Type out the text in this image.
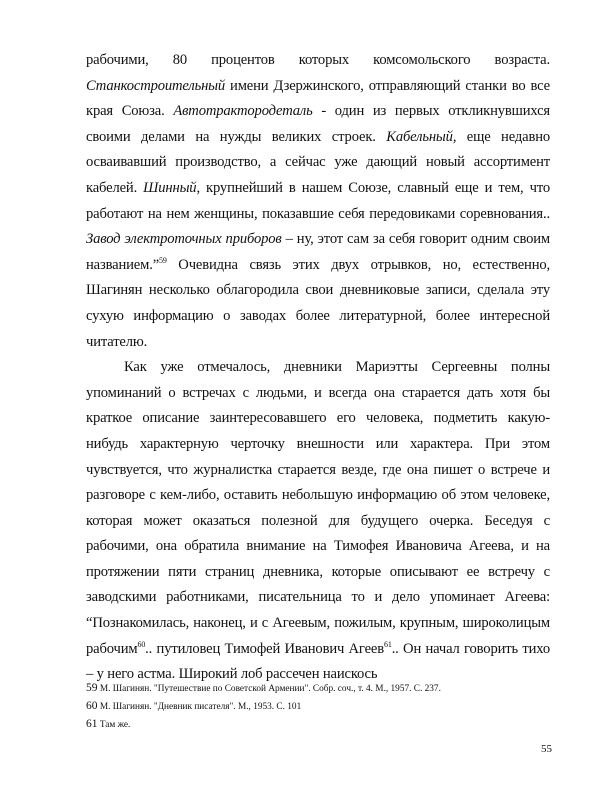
рабочими, 80 процентов которых комсомольского возраста. Станкостроительный имени Дзержинского, отправляющий станки во все края Союза. Автотрактородеталь - один из первых откликнувшихся своими делами на нужды великих строек. Кабельный, еще недавно осваивавший производство, а сейчас уже дающий новый ассортимент кабелей. Шинный, крупнейший в нашем Союзе, славный еще и тем, что работают на нем женщины, показавшие себя передовиками соревнования.. Завод электроточных приборов – ну, этот сам за себя говорит одним своим названием.”$^{59}$ Очевидна связь этих двух отрывков, но, естественно, Шагинян несколько облагородила свои дневниковые записи, сделала эту сухую информацию о заводах более литературной, более интересной читателю.

Как уже отмечалось, дневники Мариэтты Сергеевны полны упоминаний о встречах с людьми, и всегда она старается дать хотя бы краткое описание заинтересовавшего его человека, подметить какую-нибудь характерную черточку внешности или характера. При этом чувствуется, что журналистка старается везде, где она пишет о встрече и разговоре с кем-либо, оставить небольшую информацию об этом человеке, которая может оказаться полезной для будущего очерка. Беседуя с рабочими, она обратила внимание на Тимофея Ивановича Агеева, и на протяжении пяти страниц дневника, которые описывают ее встречу с заводскими работниками, писательница то и дело упоминает Агеева: “Познакомилась, наконец, и с Агеевым, пожилым, крупным, широколицым рабочим$^{60}$.. путиловец Тимофей Иванович Агеев$^{61}$.. Он начал говорить тихо – у него астма. Широкий лоб рассечен наискось

59 М. Шагинян. "Путешествие по Советской Армении". Собр. соч., т. 4. М., 1957. С. 237.
60 М. Шагинян. "Дневник писателя". М., 1953. С. 101
61 Там же.
55
